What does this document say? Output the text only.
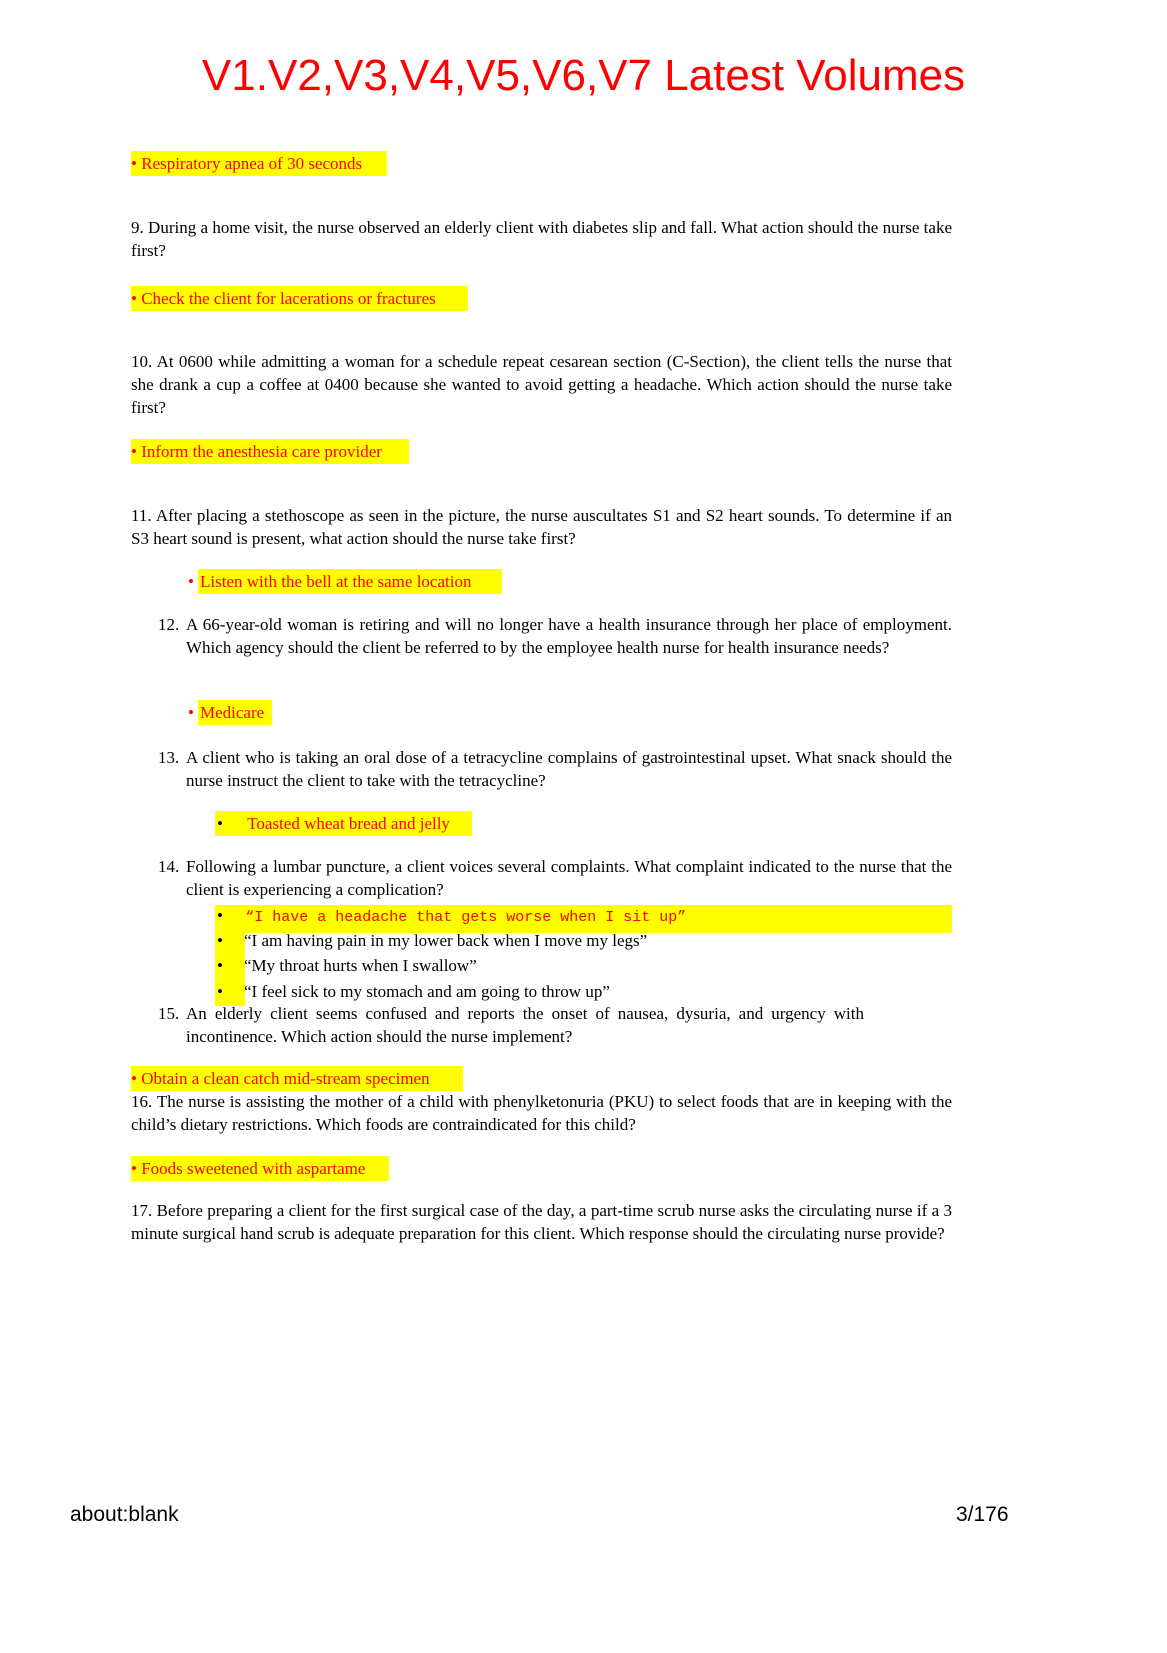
V1.V2,V3,V4,V5,V6,V7 Latest Volumes
• Respiratory apnea of 30 seconds
9. During a home visit, the nurse observed an elderly client with diabetes slip and fall. What action should the nurse take first?
• Check the client for lacerations or fractures
10. At 0600 while admitting a woman for a schedule repeat cesarean section (C-Section), the client tells the nurse that she drank a cup a coffee at 0400 because she wanted to avoid getting a headache. Which action should the nurse take first?
• Inform the anesthesia care provider
11. After placing a stethoscope as seen in the picture, the nurse auscultates S1 and S2 heart sounds. To determine if an S3 heart sound is present, what action should the nurse take first?
• Listen with the bell at the same location
12. A 66-year-old woman is retiring and will no longer have a health insurance through her place of employment. Which agency should the client be referred to by the employee health nurse for health insurance needs?
• Medicare
13. A client who is taking an oral dose of a tetracycline complains of gastrointestinal upset. What snack should the nurse instruct the client to take with the tetracycline?
• Toasted wheat bread and jelly
14. Following a lumbar puncture, a client voices several complaints. What complaint indicated to the nurse that the client is experiencing a complication?
• “I have a headache that gets worse when I sit up”
• “I am having pain in my lower back when I move my legs”
• “My throat hurts when I swallow”
• “I feel sick to my stomach and am going to throw up”
15. An elderly client seems confused and reports the onset of nausea, dysuria, and urgency with incontinence. Which action should the nurse implement?
• Obtain a clean catch mid-stream specimen
16. The nurse is assisting the mother of a child with phenylketonuria (PKU) to select foods that are in keeping with the child’s dietary restrictions. Which foods are contraindicated for this child?
• Foods sweetened with aspartame
17. Before preparing a client for the first surgical case of the day, a part-time scrub nurse asks the circulating nurse if a 3 minute surgical hand scrub is adequate preparation for this client. Which response should the circulating nurse provide?
about:blank	3/176
